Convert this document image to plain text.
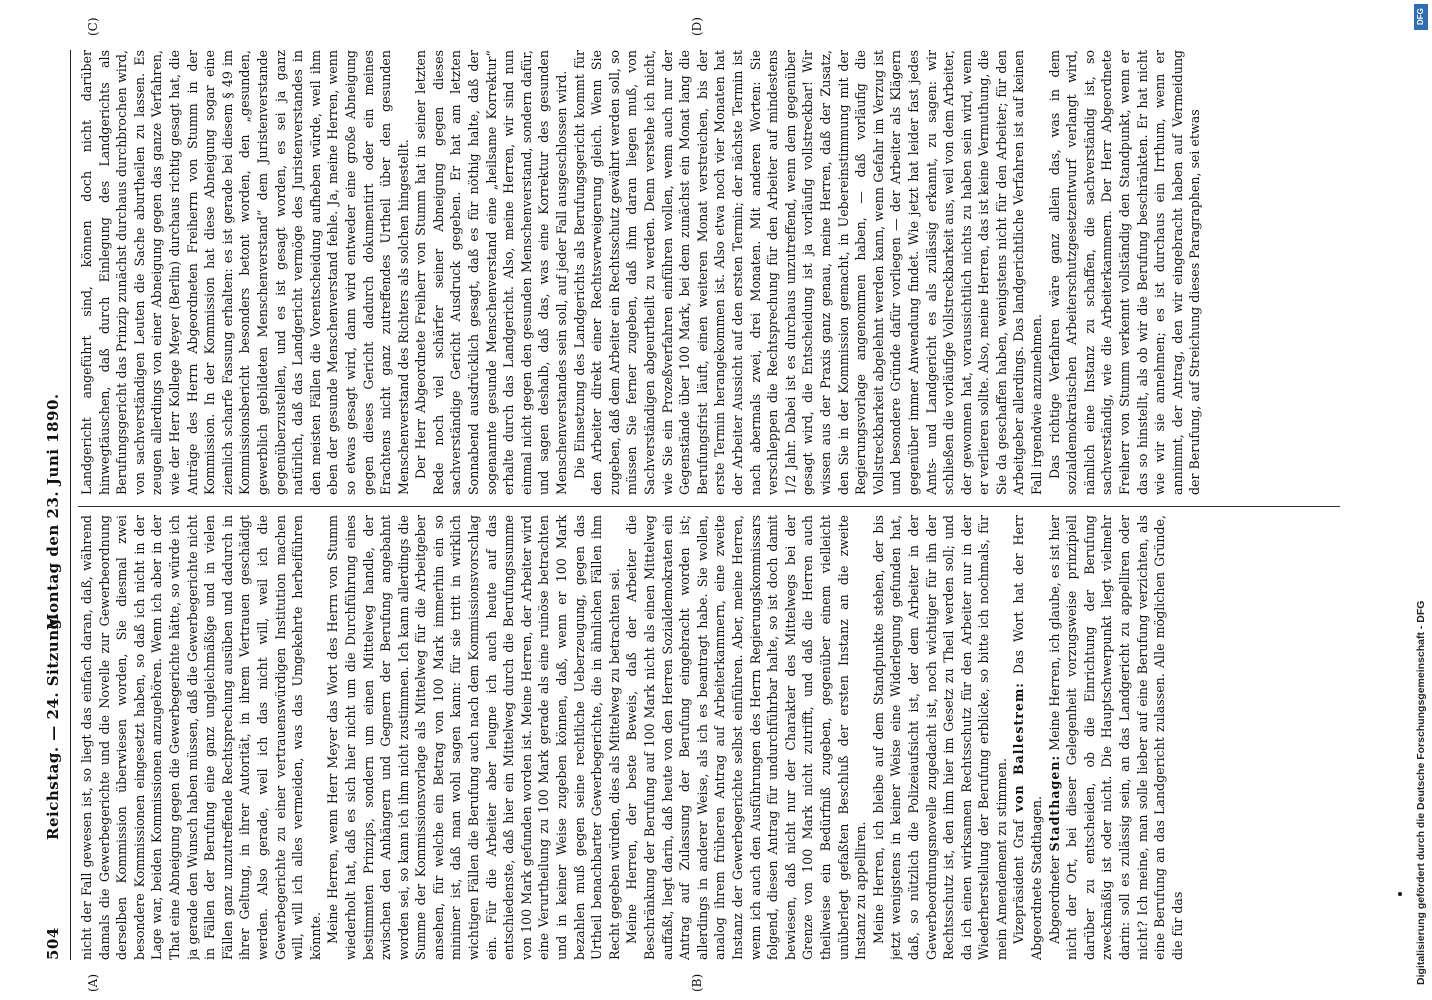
504
Reichstag. — 24. Sitzung.
Montag den 23. Juni 1890.
(A)	(B)
(C)	(D)

nicht der Fall gewesen ist, so liegt das einfach daran, daß, während damals die Gewerbegerichte und die Novelle zur Gewerbeordnung derselben Kommission überwiesen worden, Sie diesmal zwei besondere Kommissionen eingesetzt haben, so daß ich nicht in der Lage war, beiden Kommissionen anzugehören. Wenn ich aber in der That eine Abneigung gegen die Gewerbegerichte hätte, so würde ich ja gerade den Wunsch haben müssen, daß die Gewerbegerichte nicht in Fällen der Berufung eine ganz ungleichmäßige und in vielen Fällen ganz unzutreffende Rechtsprechung ausüben und dadurch in ihrer Geltung, in ihrer Autorität, in ihrem Vertrauen geschädigt werden. Also gerade, weil ich das nicht will, weil ich die Gewerbegerichte zu einer vertrauenswürdigen Institution machen will, will ich alles vermeiden, was das Umgekehrte herbeiführen könnte. Meine Herren, wenn Herr Meyer das Wort des Herrn von Stumm wiederholt hat, daß es sich hier nicht um die Durchführung eines bestimmten Prinzips, sondern um einen Mittelweg handle, der zwischen den Anhängern und Gegnern der Berufung angebahnt worden sei, so kann ich ihm nicht zustimmen. Ich kann allerdings die Summe der Kommissionsvorlage als Mittelweg für die Arbeitgeber ansehen, für welche ein Betrag von 100 Mark immerhin ein so minimer ist, daß man wohl sagen kann: für sie tritt in wirklich wichtigen Fällen die Berufung auch nach dem Kommissionsvorschlag ein. Für die Arbeiter aber leugne ich auch heute auf das entschiedenste, daß hier ein Mittelweg durch die Berufungssumme von 100 Mark gefunden worden ist. Meine Herren, der Arbeiter wird eine Verurtheilung zu 100 Mark gerade als eine ruinöse betrachten und in keiner Weise zugeben können, daß, wenn er 100 Mark bezahlen muß gegen seine rechtliche Ueberzeugung, gegen das Urtheil benachbarter Gewerbegerichte, die in ähnlichen Fällen ihm Recht gegeben würden, dies als Mittelweg zu betrachten sei. Meine Herren, der beste Beweis, daß der Arbeiter die Beschränkung der Berufung auf 100 Mark nicht als einen Mittelweg auffaßt, liegt darin, daß heute von den Herren Sozialdemokraten ein Antrag auf Zulassung der Berufung eingebracht worden ist; allerdings in anderer Weise, als ich es beantragt habe. Sie wollen, analog ihrem früheren Antrag auf Arbeiterkammern, eine zweite Instanz der Gewerbegerichte selbst einführen. Aber, meine Herren, wenn ich auch den Ausführungen des Herrn Regierungskommissars folgend, diesen Antrag für undurchführbar halte, so ist doch damit bewiesen, daß nicht nur der Charakter des Mittelwegs bei der Grenze von 100 Mark nicht zutrifft, und daß die Herren auch theilweise ein Bedürfniß zugeben, gegenüber einem vielleicht unüberlegt gefaßten Beschluß der ersten Instanz an die zweite Instanz zu appelliren. Meine Herren, ich bleibe auf dem Standpunkte stehen, der bis jetzt wenigstens in keiner Weise eine Widerlegung gefunden hat, daß, so nützlich die Polizeiaufsicht ist, der dem Arbeiter in der Gewerbeordnungsnovelle zugedacht ist, noch wichtiger für ihn der Rechtsschutz ist, den ihm hier im Gesetz zu Theil werden soll; und da ich einen wirksamen Rechtsschutz für den Arbeiter nur in der Wiederherstellung der Berufung erblicke, so bitte ich nochmals, für mein Amendement zu stimmen. Vizepräsident Graf von Ballestrem: Das Wort hat der Herr Abgeordnete Stadthagen. Abgeordneter Stadthagen: Meine Herren, ich glaube, es ist hier nicht der Ort, bei dieser Gelegenheit vorzugsweise prinzipiell darüber zu entscheiden, ob die Einrichtung der Berufung zweckmäßig ist oder nicht. Die Hauptschwerpunkt liegt vielmehr darin: soll es zulässig sein, an das Landgericht zu appelliren oder nicht? Ich meine, man solle lieber auf eine Berufung verzichten, als eine Berufung an das Landgericht zulassen. Alle möglichen Gründe, die für das

Landgericht angeführt sind, können doch nicht darüber hinwegtäuschen, daß durch Einlegung des Landgerichts als Berufungsgericht das Prinzip zunächst durchaus durchbrochen wird, von sachverständigen Leuten die Sache aburtheilen zu lassen. Es zeugen allerdings von einer Abneigung gegen das ganze Verfahren, wie der Herr Kollege Meyer (Berlin) durchaus richtig gesagt hat, die Anträge des Herrn Abgeordneten Freiherrn von Stumm in der Kommission. In der Kommission hat diese Abneigung sogar eine ziemlich scharfe Fassung erhalten: es ist gerade bei diesem § 49 im Kommissionsbericht besonders betont worden, den „gesunden, gewerblich gebildeten Menschenverstand“ dem Juristenverstande gegenüberzustellen, und es ist gesagt worden, es sei ja ganz natürlich, daß das Landgericht vermöge des Juristenverstandes in den meisten Fällen die Vorentscheidung aufheben würde, weil ihm eben der gesunde Menschenverstand fehle. Ja, meine Herren, wenn so etwas gesagt wird, dann wird entweder eine große Abneigung gegen dieses Gericht dadurch dokumentirt oder ein meines Erachtens nicht ganz zutreffendes Urtheil über den gesunden Menschenverstand des Richters als solchen hingestellt. Der Herr Abgeordnete Freiherr von Stumm hat in seiner letzten Rede noch viel schärfer seiner Abneigung gegen dieses sachverständige Gericht Ausdruck gegeben. Er hat am letzten Sonnabend ausdrücklich gesagt, daß es für nöthig halte, daß der sogenannte gesunde Menschenverstand eine „heilsame Korrektur“ erhalte durch das Landgericht. Also, meine Herren, wir sind nun einmal nicht gegen den gesunden Menschenverstand, sondern dafür, und sagen deshalb, daß das, was eine Korrektur des gesunden Menschenverstandes sein soll, auf jeder Fall ausgeschlossen wird. Die Einsetzung des Landgerichts als Berufungsgericht kommt für den Arbeiter direkt einer Rechtsverweigerung gleich. Wenn Sie zugeben, daß dem Arbeiter ein Rechtsschutz gewährt werden soll, so müssen Sie ferner zugeben, daß ihm daran liegen muß, von Sachverständigen abgeurtheilt zu werden. Denn verstehe ich nicht, wie Sie ein Prozeßverfahren einführen wollen, wenn auch nur der Gegenstände über 100 Mark, bei dem zunächst ein Monat lang die Berufungsfrist läuft, einen weiteren Monat verstreichen, bis der erste Termin herangekommen ist. Also etwa noch vier Monaten hat der Arbeiter Aussicht auf den ersten Termin; der nächste Termin ist nach abermals zwei, drei Monaten. Mit anderen Worten: Sie verschleppen die Rechtsprechung für den Arbeiter auf mindestens 1/2 Jahr. Dabei ist es durchaus unzutreffend, wenn dem gegenüber gesagt wird, die Entscheidung ist ja vorläufig vollstreckbar! Wir wissen aus der Praxis ganz genau, meine Herren, daß der Zusatz, den Sie in der Kommission gemacht, in Uebereinstimmung mit der Regierungsvorlage angenommen haben, — daß vorläufig die Vollstreckbarkeit abgelehnt werden kann, wenn Gefahr im Verzug ist und besondere Gründe dafür vorliegen — der Arbeiter als Klägern gegenüber immer Anwendung findet. Wie jetzt hat leider fast jedes Amts- und Landgericht es als zulässig erkannt, zu sagen: wir schließen die vorläufige Vollstreckbarkeit aus, weil von dem Arbeiter, der gewonnen hat, voraussichtlich nichts zu haben sein wird, wenn er verlieren sollte. Also, meine Herren, das ist keine Vermuthung, die Sie da geschaffen haben, wenigstens nicht für den Arbeiter; für den Arbeitgeber allerdings. Das landgerichtliche Verfahren ist auf keinen Fall irgendwie anzunehmen. Das richtige Verfahren wäre ganz allein das, was in dem sozialdemokratischen Arbeiterschutzgesetzentwurf verlangt wird, nämlich eine Instanz zu schaffen, die sachverständig ist, so sachverständig, wie die Arbeiterkammern. Der Herr Abgeordnete Freiherr von Stumm verkennt vollständig den Standpunkt, wenn er das so hinstellt, als ob wir die Berufung beschränkten. Er hat nicht wie wir sie annehmen; es ist durchaus ein Irrthum, wenn er annimmt, der Antrag, den wir eingebracht haben auf Vermeidung der Berufung, auf Streichung dieses Paragraphen, sei etwas

Digitalisierung gefördert durch die Deutsche Forschungsgemeinschaft - DFG
DFG
